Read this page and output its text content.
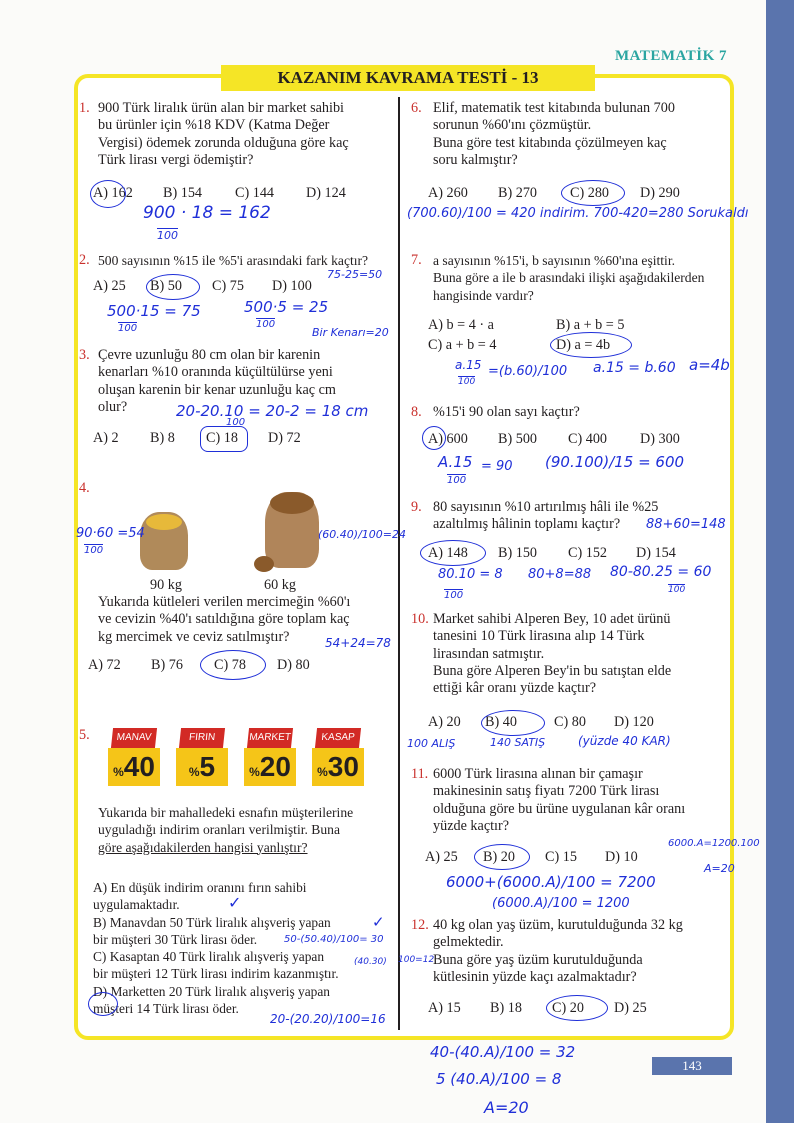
MATEMATİK 7
KAZANIM KAVRAMA TESTİ - 13
1. 900 Türk liralık ürün alan bir market sahibi
bu ürünler için %18 KDV (Katma Değer
Vergisi) ödemek zorunda olduğuna göre kaç
Türk lirası vergi ödemiştir?
A) 162 B) 154 C) 144 D) 124
900 · 18 = 162
100
2. 500 sayısının %15 ile %5'i arasındaki fark kaçtır?
A) 25 B) 50 C) 75 D) 100
75-25=50
500·15 = 75
100
500·5 = 25
100
Bir Kenarı=20
3. Çevre uzunluğu 80 cm olan bir karenin
kenarları %10 oranında küçültülürse yeni
oluşan karenin bir kenar uzunluğu kaç cm
olur?
A) 2 B) 8 C) 18 D) 72
20-20.10 = 20-2 = 18 cm
100
4.
90 kg	60 kg
Yukarıda kütleleri verilen mercimeğin %60'ı
ve cevizin %40'ı satıldığına göre toplam kaç
kg mercimek ve ceviz satılmıştır?
A) 72 B) 76 C) 78 D) 80
90·60 =54
100
(60.40)/100=24
54+24=78
5.	MANAV
%40
FIRIN
%5
MARKET
%20
KASAP
%30
Yukarıda bir mahalledeki esnafın müşterilerine
uyguladığı indirim oranları verilmiştir. Buna
göre aşağıdakilerden hangisi yanlıştır?
A) En düşük indirim oranını fırın sahibi
uygulamaktadır.
B) Manavdan 50 Türk liralık alışveriş yapan
bir müşteri 30 Türk lirası öder.
C) Kasaptan 40 Türk liralık alışveriş yapan
bir müşteri 12 Türk lirası indirim kazanmıştır.
D) Marketten 20 Türk liralık alışveriş yapan
müşteri 14 Türk lirası öder.
✓
✓
50-(50.40)/100= 30
(40.30) 100=12
20-(20.20)/100=16
6. Elif, matematik test kitabında bulunan 700
sorunun %60'ını çözmüştür.
Buna göre test kitabında çözülmeyen kaç
soru kalmıştır?
A) 260 B) 270 C) 280 D) 290
(700.60)/100 = 420 indirim. 700-420=280 Sorukaldı
7. a sayısının %15'i, b sayısının %60'ına eşittir.
Buna göre a ile b arasındaki ilişki aşağıdakilerden
hangisinde vardır?
A) b = 4 · a	B) a + b = 5
C) a + b = 4	D) a = 4b
a.15 =(b.60)/100
100
a.15 = b.60 a=4b
8. %15'i 90 olan sayı kaçtır?
A) 600 B) 500 C) 400 D) 300
A.15 = 90 (90.100)/15 = 600
100
9. 80 sayısının %10 artırılmış hâli ile %25
azaltılmış hâlinin toplamı kaçtır?
A) 148 B) 150 C) 152 D) 154
88+60=148
80.10 = 8
100
80+8=88 80-80.25 = 60
100
10. Market sahibi Alperen Bey, 10 adet ürünü
tanesini 10 Türk lirasına alıp 14 Türk
lirasından satmıştır.
Buna göre Alperen Bey'in bu satıştan elde
ettiği kâr oranı yüzde kaçtır?
A) 20 B) 40	C) 80 D) 120
100 ALIŞ	140 SATIŞ	(yüzde 40 KAR)
11. 6000 Türk lirasına alınan bir çamaşır
makinesinin satış fiyatı 7200 Türk lirası
olduğuna göre bu ürüne uygulanan kâr oranı
yüzde kaçtır?
A) 25 B) 20 C) 15 D) 10
6000.A=1200.100
A=20
6000+(6000.A)/100 = 7200
(6000.A)/100 = 1200
12. 40 kg olan yaş üzüm, kurutulduğunda 32 kg
gelmektedir.
Buna göre yaş üzüm kurutulduğunda
kütlesinin yüzde kaçı azalmaktadır?
A) 15 B) 18 C) 20 D) 25
40-(40.A)/100 = 32
5 (40.A)/100 = 8
A=20
143
